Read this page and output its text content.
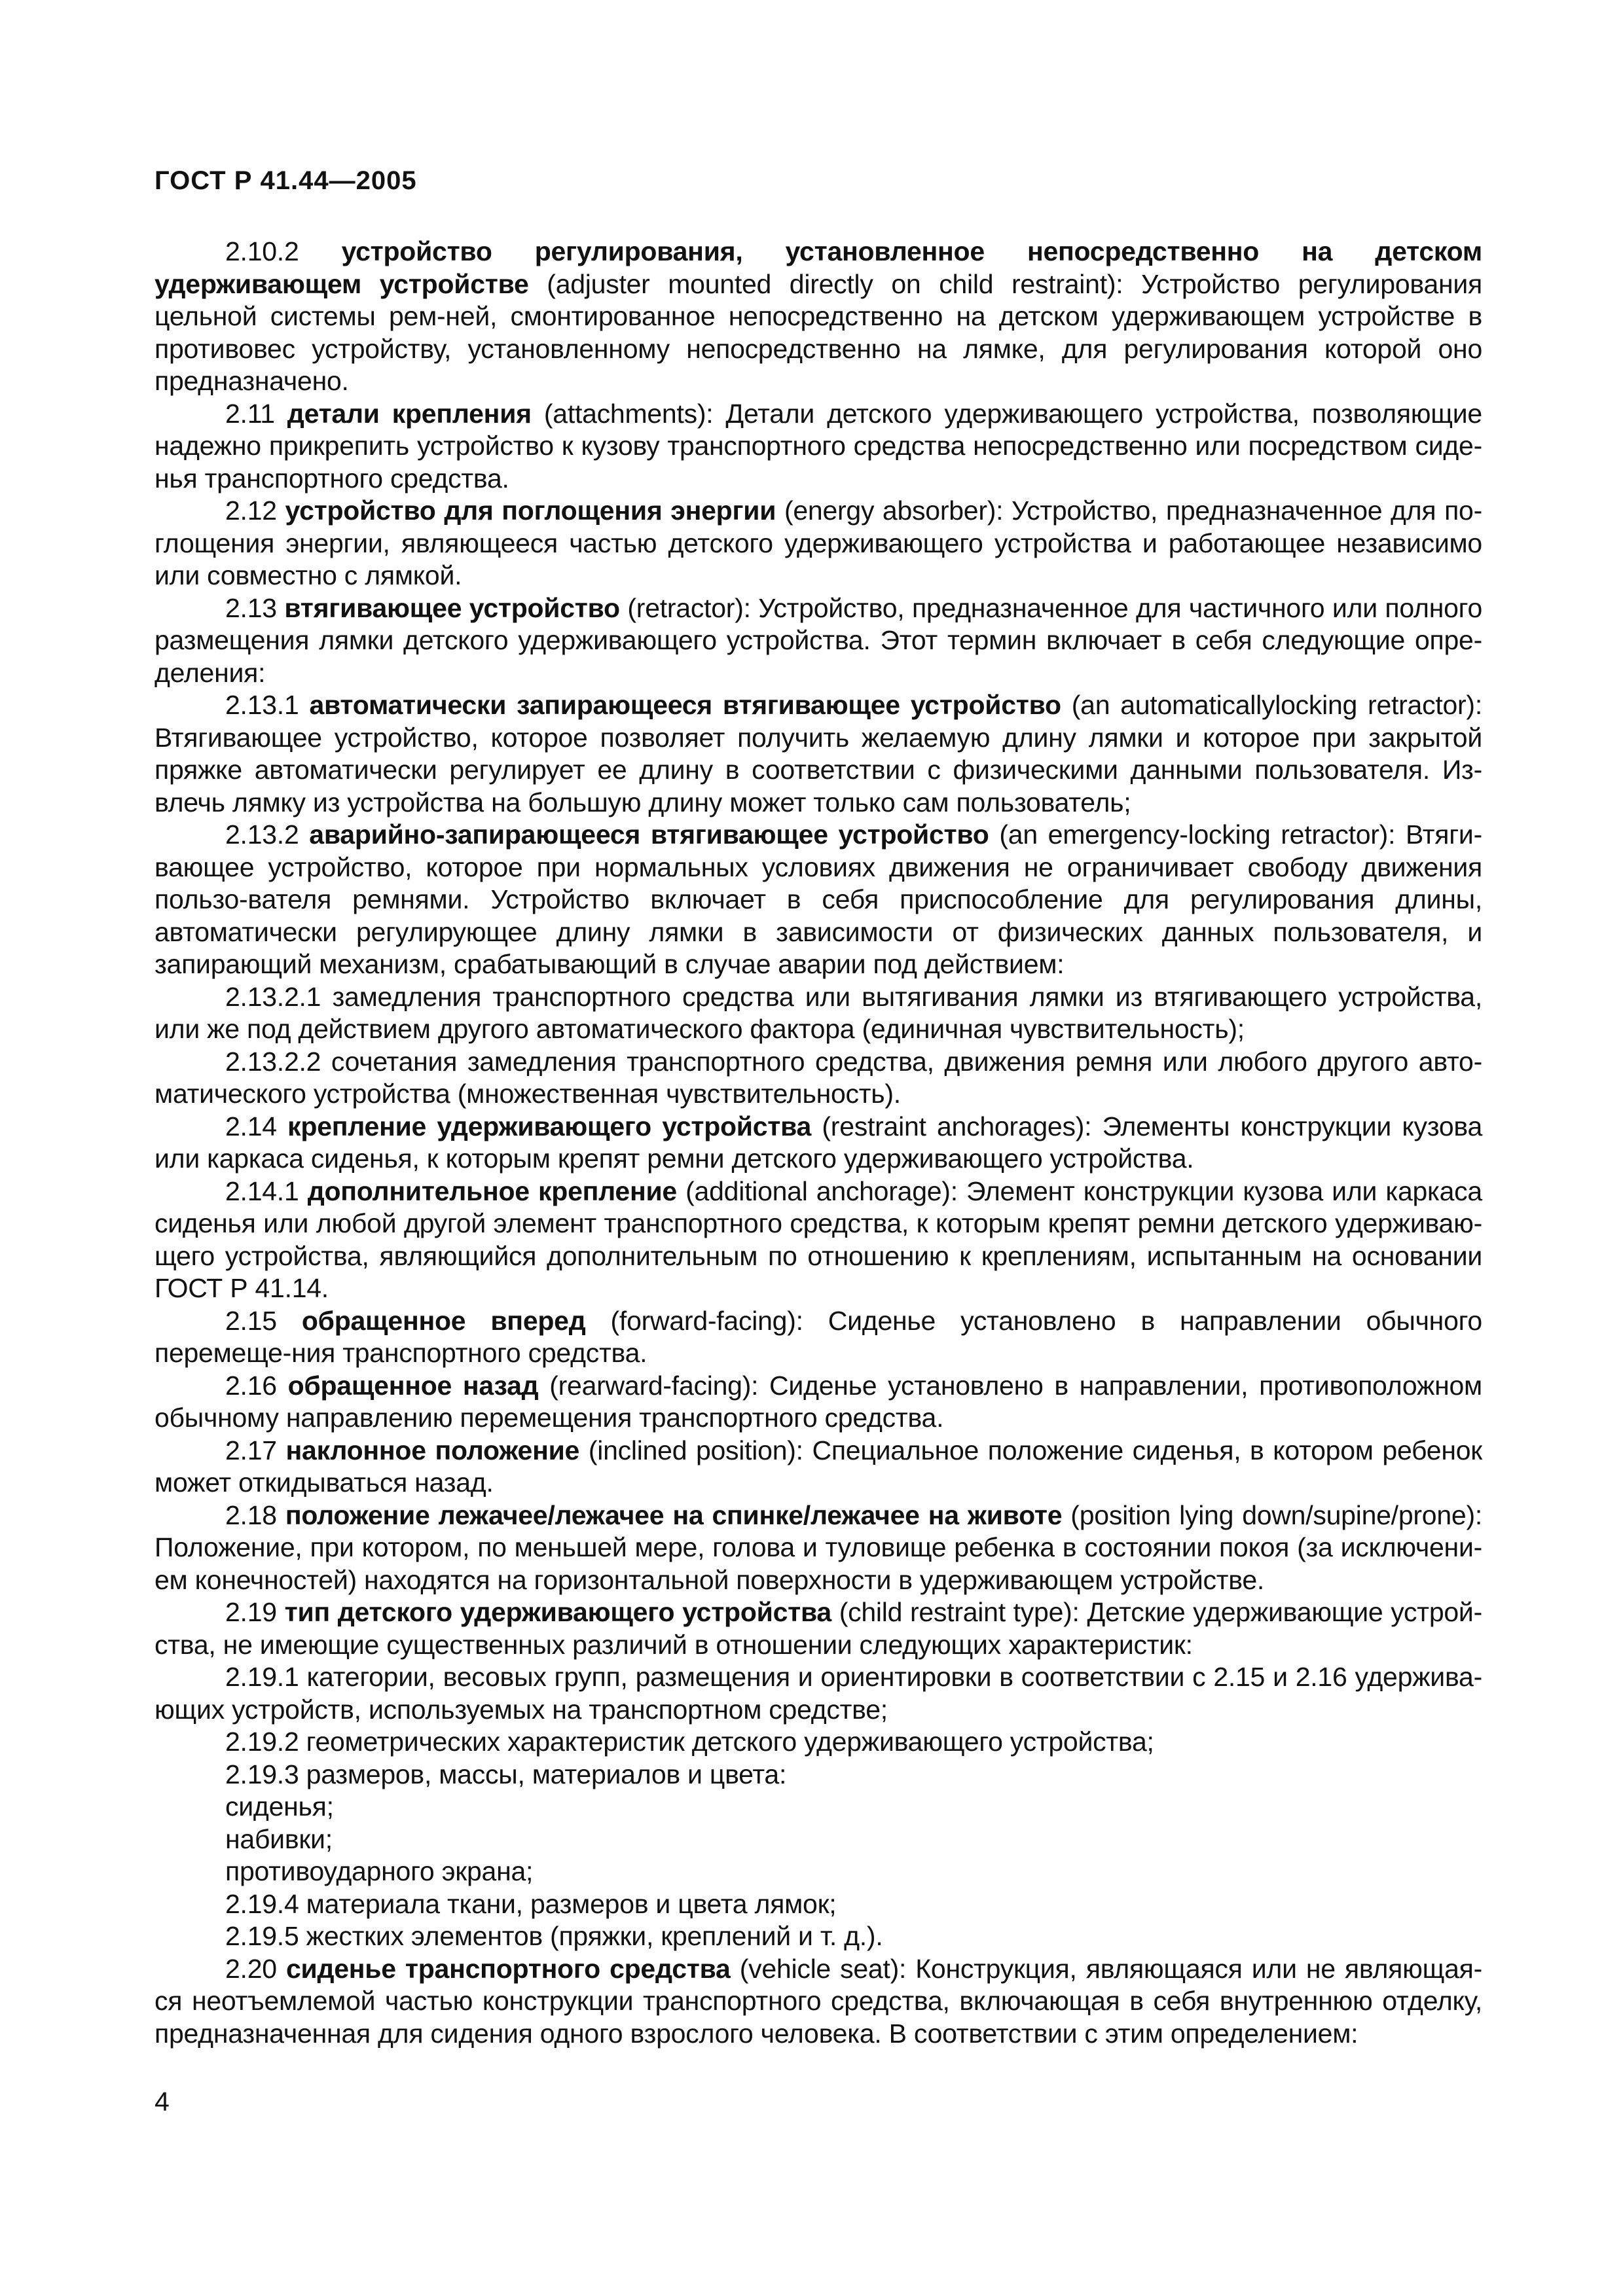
ГОСТ Р 41.44—2005

2.10.2 устройство регулирования, установленное непосредственно на детском удерживающем устройстве (adjuster mounted directly on child restraint): Устройство регулирования цельной системы рем-ней, смонтированное непосредственно на детском удерживающем устройстве в противовес устройству, установленному непосредственно на лямке, для регулирования которой оно предназначено.

2.11 детали крепления (attachments): Детали детского удерживающего устройства, позволяющие надежно прикрепить устройство к кузову транспортного средства непосредственно или посредством сиде-нья транспортного средства.

2.12 устройство для поглощения энергии (energy absorber): Устройство, предназначенное для по-глощения энергии, являющееся частью детского удерживающего устройства и работающее независимо или совместно с лямкой.

2.13 втягивающее устройство (retractor): Устройство, предназначенное для частичного или полного размещения лямки детского удерживающего устройства. Этот термин включает в себя следующие опре-деления:

2.13.1 автоматически запирающееся втягивающее устройство (an automaticallylocking retractor): Втягивающее устройство, которое позволяет получить желаемую длину лямки и которое при закрытой пряжке автоматически регулирует ее длину в соответствии с физическими данными пользователя. Из-влечь лямку из устройства на большую длину может только сам пользователь;

2.13.2 аварийно-запирающееся втягивающее устройство (an emergency-locking retractor): Втяги-вающее устройство, которое при нормальных условиях движения не ограничивает свободу движения пользо-вателя ремнями. Устройство включает в себя приспособление для регулирования длины, автоматически регулирующее длину лямки в зависимости от физических данных пользователя, и запирающий механизм, срабатывающий в случае аварии под действием:

2.13.2.1 замедления транспортного средства или вытягивания лямки из втягивающего устройства, или же под действием другого автоматического фактора (единичная чувствительность);

2.13.2.2 сочетания замедления транспортного средства, движения ремня или любого другого авто-матического устройства (множественная чувствительность).

2.14 крепление удерживающего устройства (restraint anchorages): Элементы конструкции кузова или каркаса сиденья, к которым крепят ремни детского удерживающего устройства.

2.14.1 дополнительное крепление (additional anchorage): Элемент конструкции кузова или каркаса сиденья или любой другой элемент транспортного средства, к которым крепят ремни детского удерживаю-щего устройства, являющийся дополнительным по отношению к креплениям, испытанным на основании ГОСТ Р 41.14.

2.15 обращенное вперед (forward-facing): Сиденье установлено в направлении обычного перемеще-ния транспортного средства.

2.16 обращенное назад (rearward-facing): Сиденье установлено в направлении, противоположном обычному направлению перемещения транспортного средства.

2.17 наклонное положение (inclined position): Специальное положение сиденья, в котором ребенок может откидываться назад.

2.18 положение лежачее/лежачее на спинке/лежачее на животе (position lying down/supine/prone): Положение, при котором, по меньшей мере, голова и туловище ребенка в состоянии покоя (за исключени-ем конечностей) находятся на горизонтальной поверхности в удерживающем устройстве.

2.19 тип детского удерживающего устройства (child restraint type): Детские удерживающие устрой-ства, не имеющие существенных различий в отношении следующих характеристик:

2.19.1 категории, весовых групп, размещения и ориентировки в соответствии с 2.15 и 2.16 удержива-ющих устройств, используемых на транспортном средстве;

2.19.2 геометрических характеристик детского удерживающего устройства;

2.19.3 размеров, массы, материалов и цвета:

сиденья;

набивки;

противоударного экрана;

2.19.4 материала ткани, размеров и цвета лямок;

2.19.5 жестких элементов (пряжки, креплений и т. д.).

2.20 сиденье транспортного средства (vehicle seat): Конструкция, являющаяся или не являющая-ся неотъемлемой частью конструкции транспортного средства, включающая в себя внутреннюю отделку, предназначенная для сидения одного взрослого человека. В соответствии с этим определением:

4
